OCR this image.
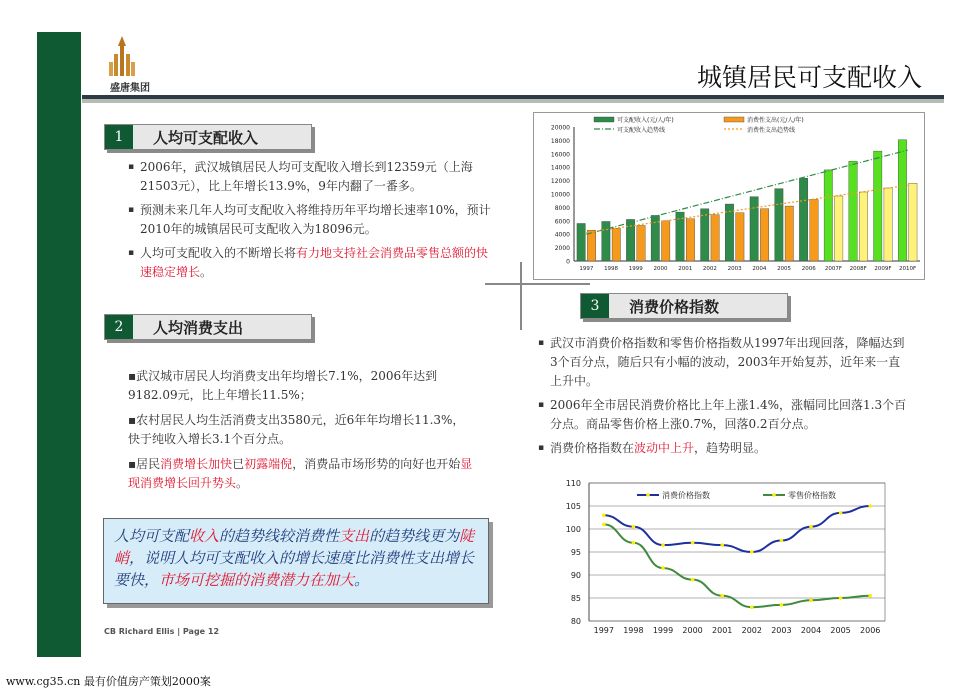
盛唐集团	城镇居民可支配收入
1	人均可支配收入
▪ 2006年，武汉城镇居民人均可支配收入增长到12359元（上海21503元），比上年增长13.9%，9年内翻了一番多。
▪ 预测未来几年人均可支配收入将维持历年平均增长速率10%，预计2010年的城镇居民可支配收入为18096元。
▪ 人均可支配收入的不断增长将有力地支持社会消费品零售总额的快速稳定增长。
2	人均消费支出

▪武汉城市居民人均消费支出年均增长7.1%，2006年达到9182.09元，比上年增长11.5%；

▪农村居民人均生活消费支出3580元，近6年年均增长11.3%，快于纯收入增长3.1个百分点。

▪居民消费增长加快已初露端倪，消费品市场形势的向好也开始显现消费增长回升势头。

人均可支配收入的趋势线较消费性支出的趋势线更为陡峭，说明人均可支配收入的增长速度比消费性支出增长要快，市场可挖掘的消费潜力在加大。
CB Richard Ellis | Page 12
www.cg35.cn 最有价值房产策划2000案
0
2000
4000
6000
8000
10000
12000
14000
16000
18000
20000
1997 1998 1999 2000 2001 2002 2003 2004 2005 2006 2007F 2008F 2009F 2010F
可支配收入(元/人/年)	消费性支出(元/人/年)
可支配收入趋势线	消费性支出趋势线
3	消费价格指数
▪ 武汉市消费价格指数和零售价格指数从1997年出现回落，降幅达到3个百分点，随后只有小幅的波动，2003年开始复苏，近年来一直上升中。
▪ 2006年全市居民消费价格比上年上涨1.4%，涨幅同比回落1.3个百分点。商品零售价格上涨0.7%，回落0.2百分点。
▪ 消费价格指数在波动中上升，趋势明显。
80
85
90
95
100
105
110
1997 1998 1999 2000 2001 2002 2003 2004 2005 2006
消费价格指数	零售价格指数
